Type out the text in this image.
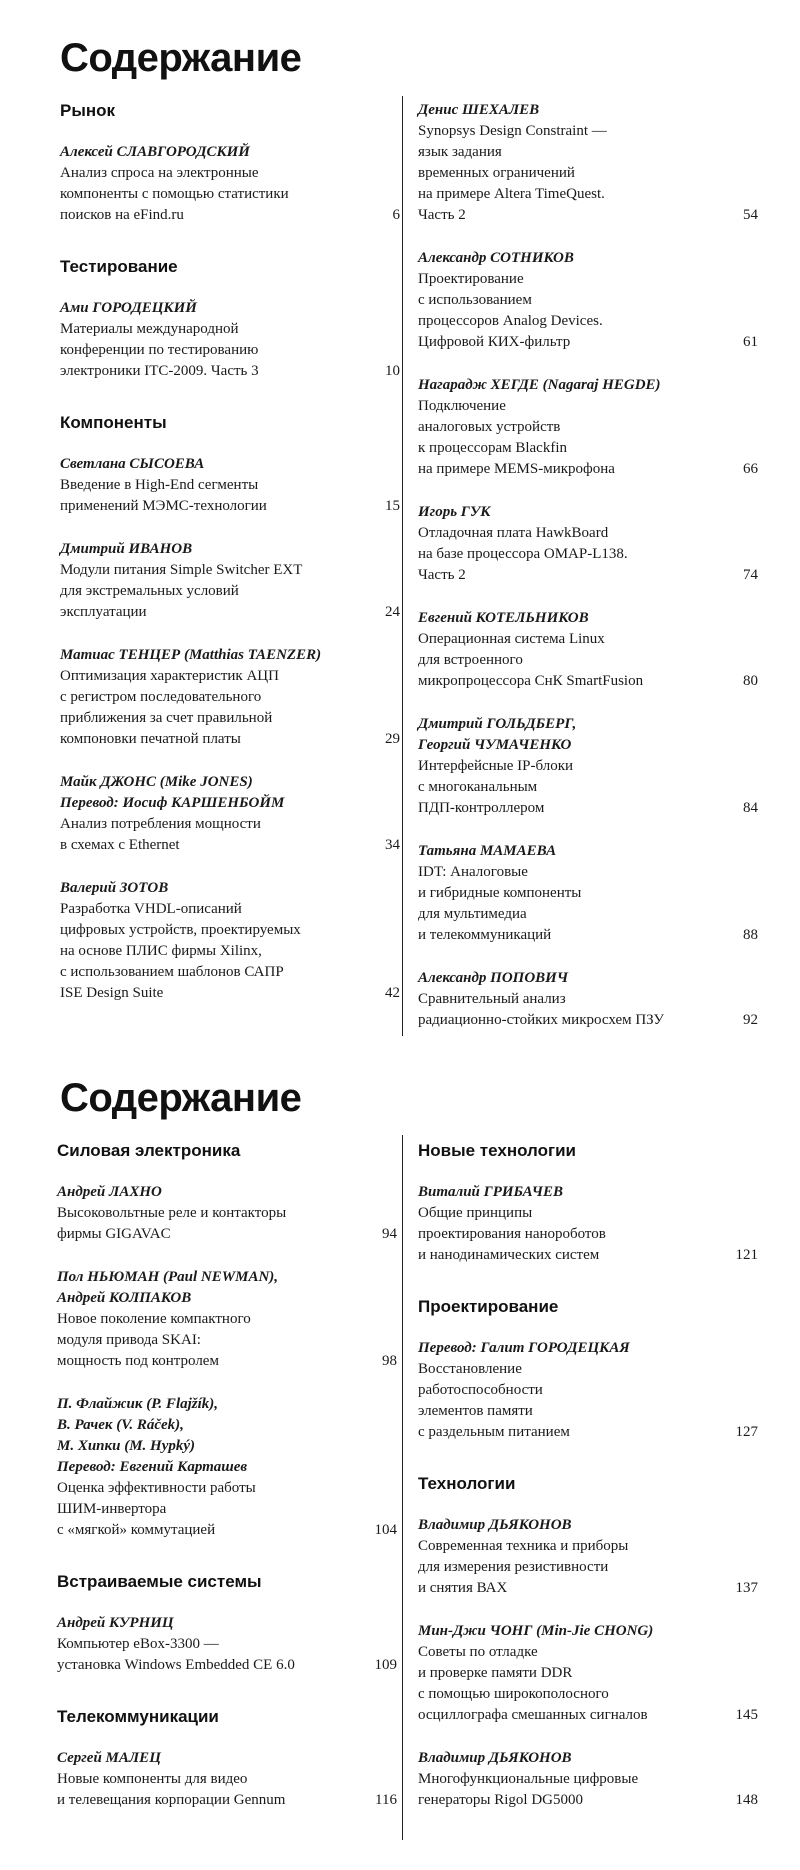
Содержание
Рынок
Алексей СЛАВГОРОДСКИЙ
Анализ спроса на электронные
компоненты с помощью статистики
поисков на eFind.ru	6
Тестирование
Ами ГОРОДЕЦКИЙ
Материалы международной
конференции по тестированию
электроники ITC-2009. Часть 3	10
Компоненты
Светлана СЫСОЕВА
Введение в High-End сегменты
применений МЭМС-технологии	15
Дмитрий ИВАНОВ
Модули питания Simple Switcher EXT
для экстремальных условий
эксплуатации	24
Матиас ТЕНЦЕР (Matthias TAENZER)
Оптимизация характеристик АЦП
с регистром последовательного
приближения за счет правильной
компоновки печатной платы	29
Майк ДЖОНС (Mike JONES)
Перевод: Иосиф КАРШЕНБОЙМ
Анализ потребления мощности
в схемах с Ethernet	34
Валерий ЗОТОВ
Разработка VHDL-описаний
цифровых устройств, проектируемых
на основе ПЛИС фирмы Xilinx,
с использованием шаблонов САПР
ISE Design Suite	42
Денис ШЕХАЛЕВ
Synopsys Design Constraint —
язык задания
временных ограничений
на примере Altera TimeQuest.
Часть 2	54
Александр СОТНИКОВ
Проектирование
с использованием
процессоров Analog Devices.
Цифровой КИХ-фильтр	61
Нагарадж ХЕГДЕ (Nagaraj HEGDE)
Подключение
аналоговых устройств
к процессорам Blackfin
на примере MEMS-микрофона	66
Игорь ГУК
Отладочная плата HawkBoard
на базе процессора OMAP-L138.
Часть 2	74
Евгений КОТЕЛЬНИКОВ
Операционная система Linux
для встроенного
микропроцессора СнК SmartFusion	80
Дмитрий ГОЛЬДБЕРГ,
Георгий ЧУМАЧЕНКО
Интерфейсные IP-блоки
с многоканальным
ПДП-контроллером	84
Татьяна МАМАЕВА
IDT: Аналоговые
и гибридные компоненты
для мультимедиа
и телекоммуникаций	88
Александр ПОПОВИЧ
Сравнительный анализ
радиационно-стойких микросхем ПЗУ	92
Содержание
Силовая электроника
Андрей ЛАХНО
Высоковольтные реле и контакторы
фирмы GIGAVAC	94
Пол НЬЮМАН (Paul NEWMAN),
Андрей КОЛПАКОВ
Новое поколение компактного
модуля привода SKAI:
мощность под контролем	98
П. Флайжик (P. Flajžík),
В. Рачек (V. Ráček),
М. Хипки (M. Hypký)
Перевод: Евгений Карташев
Оценка эффективности работы
ШИМ-инвертора
с «мягкой» коммутацией	104
Встраиваемые системы
Андрей КУРНИЦ
Компьютер eBox-3300 —
установка Windows Embedded CE 6.0	109
Телекоммуникации
Сергей МАЛЕЦ
Новые компоненты для видео
и телевещания корпорации Gennum	116
Новые технологии
Виталий ГРИБАЧЕВ
Общие принципы
проектирования нанороботов
и нанодинамических систем	121
Проектирование
Перевод: Галит ГОРОДЕЦКАЯ
Восстановление
работоспособности
элементов памяти
с раздельным питанием	127
Технологии
Владимир ДЬЯКОНОВ
Современная техника и приборы
для измерения резистивности
и снятия ВАХ	137
Мин-Джи ЧОНГ (Min-Jie CHONG)
Советы по отладке
и проверке памяти DDR
с помощью широкополосного
осциллографа смешанных сигналов	145
Владимир ДЬЯКОНОВ
Многофункциональные цифровые
генераторы Rigol DG5000	148
